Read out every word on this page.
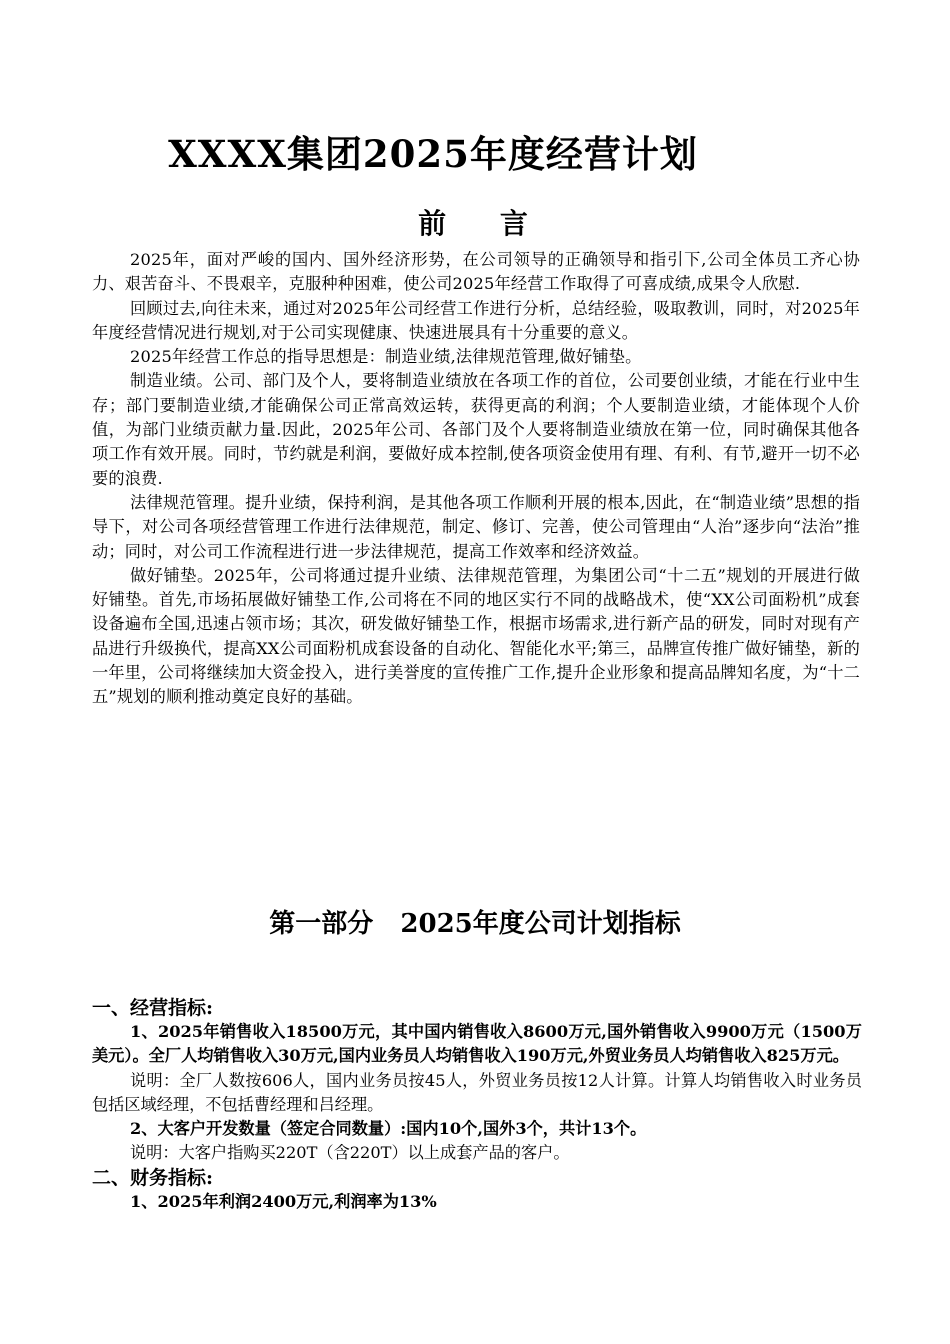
XXXX集团2025年度经营计划
前 言

2025年，面对严峻的国内、国外经济形势，在公司领导的正确领导和指引下,公司全体员工齐心协力、艰苦奋斗、不畏艰辛，克服种种困难，使公司2025年经营工作取得了可喜成绩,成果令人欣慰.

回顾过去,向往未来，通过对2025年公司经营工作进行分析，总结经验，吸取教训，同时，对2025年年度经营情况进行规划,对于公司实现健康、快速进展具有十分重要的意义。

2025年经营工作总的指导思想是：制造业绩,法律规范管理,做好铺垫。

制造业绩。公司、部门及个人，要将制造业绩放在各项工作的首位，公司要创业绩，才能在行业中生存；部门要制造业绩,才能确保公司正常高效运转，获得更高的利润；个人要制造业绩，才能体现个人价值，为部门业绩贡献力量.因此，2025年公司、各部门及个人要将制造业绩放在第一位，同时确保其他各项工作有效开展。同时，节约就是利润，要做好成本控制,使各项资金使用有理、有利、有节,避开一切不必要的浪费.

法律规范管理。提升业绩，保持利润，是其他各项工作顺利开展的根本,因此，在“制造业绩”思想的指导下，对公司各项经营管理工作进行法律规范，制定、修订、完善，使公司管理由“人治”逐步向“法治”推动；同时，对公司工作流程进行进一步法律规范，提高工作效率和经济效益。

做好铺垫。2025年，公司将通过提升业绩、法律规范管理，为集团公司“十二五”规划的开展进行做好铺垫。首先,市场拓展做好铺垫工作,公司将在不同的地区实行不同的战略战术，使“XX公司面粉机”成套设备遍布全国,迅速占领市场；其次，研发做好铺垫工作，根据市场需求,进行新产品的研发，同时对现有产品进行升级换代，提高XX公司面粉机成套设备的自动化、智能化水平;第三，品牌宣传推广做好铺垫，新的一年里，公司将继续加大资金投入，进行美誉度的宣传推广工作,提升企业形象和提高品牌知名度，为“十二五”规划的顺利推动奠定良好的基础。

第一部分   2025年度公司计划指标

一、经营指标:

1、2025年销售收入18500万元，其中国内销售收入8600万元,国外销售收入9900万元（1500万美元）。全厂人均销售收入30万元,国内业务员人均销售收入190万元,外贸业务员人均销售收入825万元。

说明：全厂人数按606人，国内业务员按45人，外贸业务员按12人计算。计算人均销售收入时业务员包括区域经理，不包括曹经理和吕经理。

2、大客户开发数量（签定合同数量）:国内10个,国外3个，共计13个。

说明：大客户指购买220T（含220T）以上成套产品的客户。

二、财务指标:

1、2025年利润2400万元,利润率为13%
